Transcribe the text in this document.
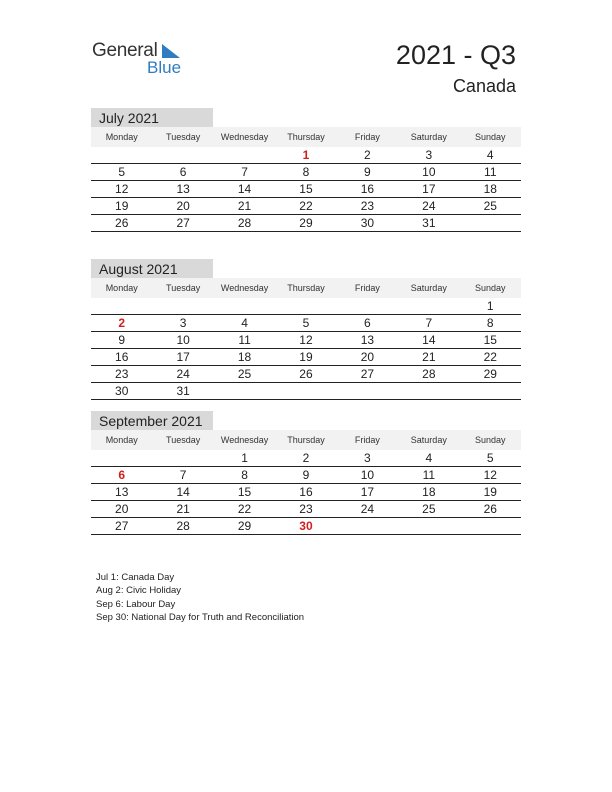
General
Blue	2021 - Q3
Canada
July 2021
Monday	Tuesday	Wednesday	Thursday	Friday	Saturday	Sunday
			1	2	3	4
5	6	7	8	9	10	11
12	13	14	15	16	17	18
19	20	21	22	23	24	25
26	27	28	29	30	31	
August 2021
Monday	Tuesday	Wednesday	Thursday	Friday	Saturday	Sunday
						1
2	3	4	5	6	7	8
9	10	11	12	13	14	15
16	17	18	19	20	21	22
23	24	25	26	27	28	29
30	31					
September 2021
Monday	Tuesday	Wednesday	Thursday	Friday	Saturday	Sunday
		1	2	3	4	5
6	7	8	9	10	11	12
13	14	15	16	17	18	19
20	21	22	23	24	25	26
27	28	29	30			
Jul 1: Canada Day
Aug 2: Civic Holiday
Sep 6: Labour Day
Sep 30: National Day for Truth and Reconciliation
